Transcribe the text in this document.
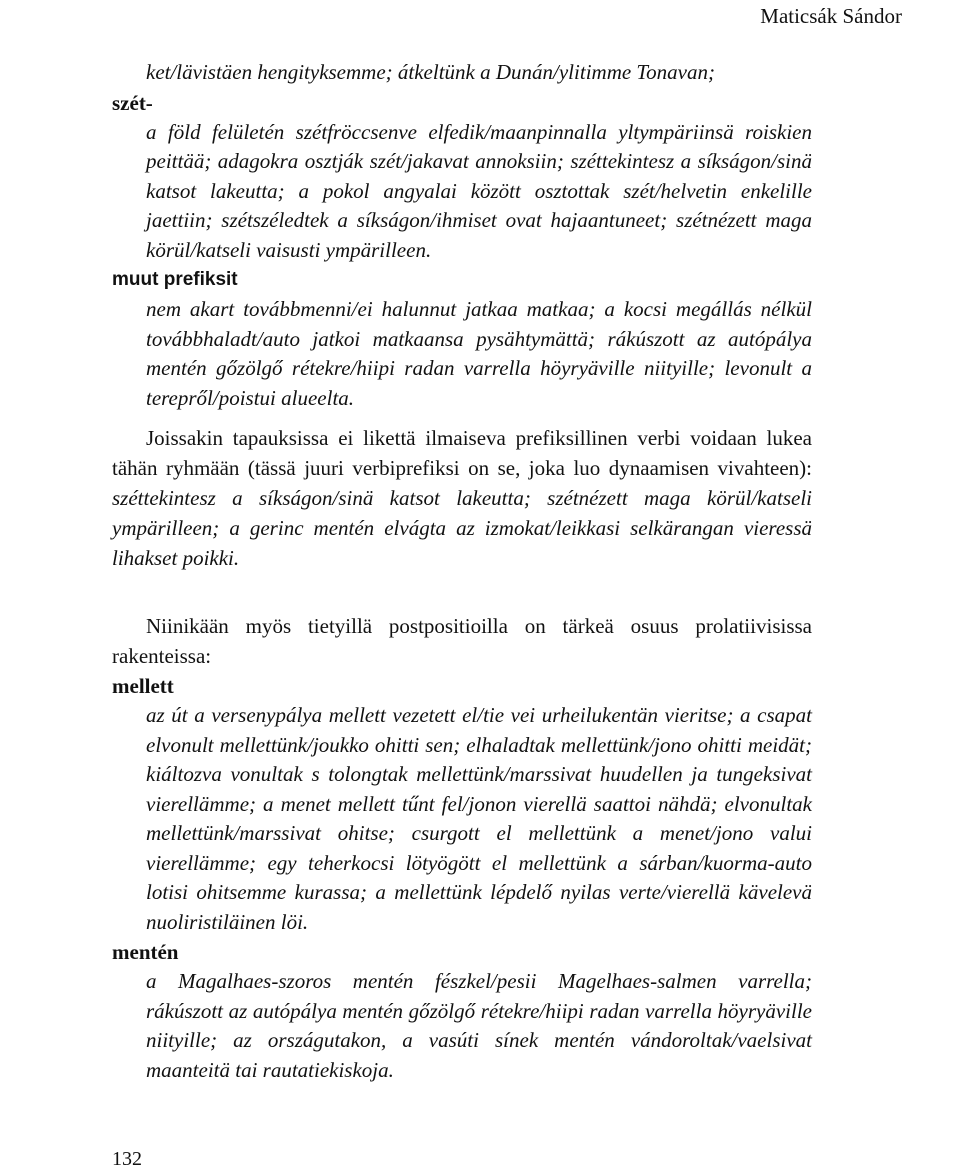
Maticsák Sándor
ket/lävistäen hengityksemme; átkeltünk a Dunán/ylitimme Tonavan;
szét-
a föld felületén szétfröccsenve elfedik/maanpinnalla yltympäriinsä roiskien peittää; adagokra osztják szét/jakavat annoksiin; széttekintesz a síkságon/sinä katsot lakeutta; a pokol angyalai között osztottak szét/helvetin enkelille jaettiin; szétszéledtek a síkságon/ihmiset ovat hajaantuneet; szétnézett maga körül/katseli vaisusti ympärilleen.
muut prefiksit
nem akart továbbmenni/ei halunnut jatkaa matkaa; a kocsi megállás nélkül továbbhaladt/auto jatkoi matkaansa pysähtymättä; rákúszott az autópálya mentén gőzölgő rétekre/hiipi radan varrella höyryäville niityille; levonult a terepről/poistui alueelta.

Joissakin tapauksissa ei likettä ilmaiseva prefiksillinen verbi voidaan lukea tähän ryhmään (tässä juuri verbiprefiksi on se, joka luo dynaamisen vivahteen): széttekintesz a síkságon/sinä katsot lakeutta; szétnézett maga körül/katseli ympärilleen; a gerinc mentén elvágta az izmokat/leikkasi selkärangan vieressä lihakset poikki.

Niinikään myös tietyillä postpositioilla on tärkeä osuus prolatiivisissa rakenteissa:

mellett
az út a versenypálya mellett vezetett el/tie vei urheilukentän vieritse; a csapat elvonult mellettünk/joukko ohitti sen; elhaladtak mellettünk/jono ohitti meidät; kiáltozva vonultak s tolongtak mellettünk/marssivat huudellen ja tungeksivat vierellämme; a menet mellett tűnt fel/jonon vierellä saattoi nähdä; elvonultak mellettünk/marssivat ohitse; csurgott el mellettünk a menet/jono valui vierellämme; egy teherkocsi lötyögött el mellettünk a sárban/kuorma-auto lotisi ohitsemme kurassa; a mellettünk lépdelő nyilas verte/vierellä kävelevä nuoliristiläinen löi.
mentén
a Magalhaes-szoros mentén fészkel/pesii Magelhaes-salmen varrella; rákúszott az autópálya mentén gőzölgő rétekre/hiipi radan varrella höyryäville niityille; az országutakon, a vasúti sínek mentén vándoroltak/vaelsivat maanteitä tai rautatiekiskoja.
132
